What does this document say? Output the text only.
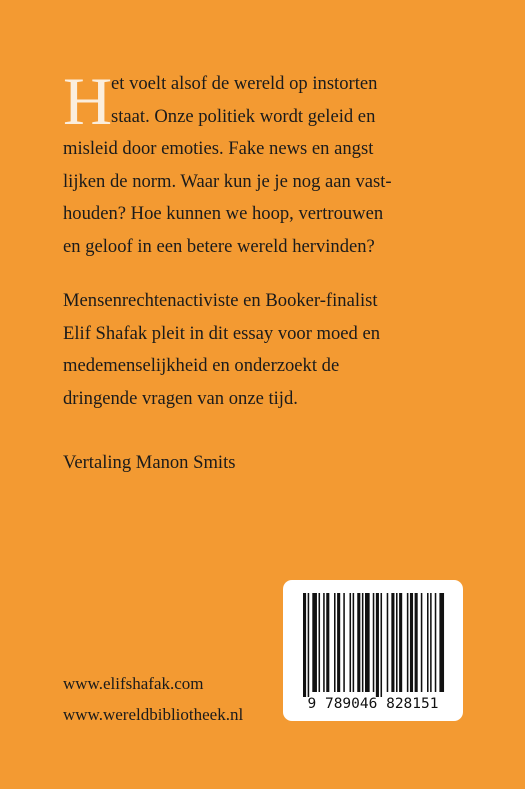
H
et voelt alsof de wereld op instorten
staat. Onze politiek wordt geleid en
misleid door emoties. Fake news en angst
lijken de norm. Waar kun je je nog aan vast-
houden? Hoe kunnen we hoop, vertrouwen
en geloof in een betere wereld hervinden?
Mensenrechtenactiviste en Booker-finalist
Elif Shafak pleit in dit essay voor moed en
medemenselijkheid en onderzoekt de
dringende vragen van onze tijd.
Vertaling Manon Smits
www.elifshafak.com
www.wereldbibliotheek.nl
9 789046 828151
